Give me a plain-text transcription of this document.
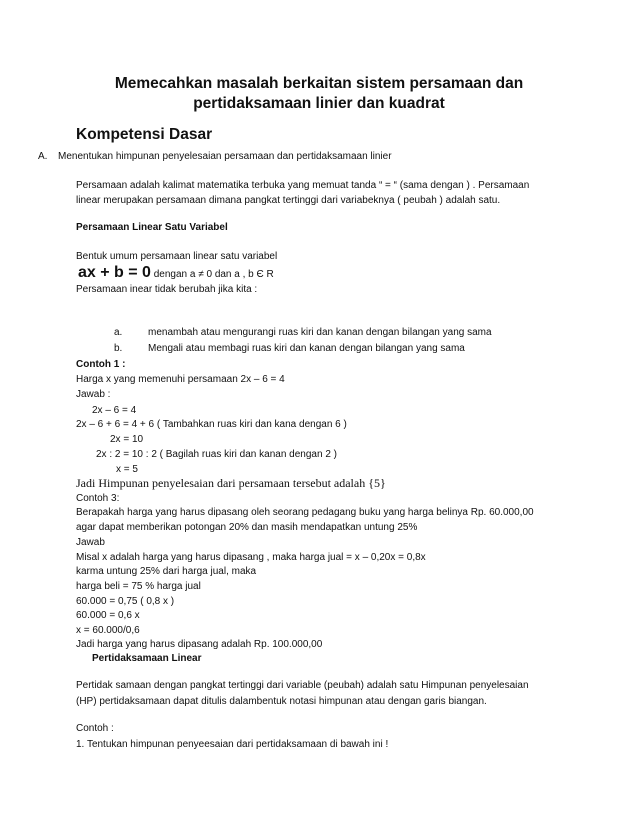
Memecahkan masalah berkaitan sistem persamaan dan
pertidaksamaan linier dan kuadrat
Kompetensi Dasar
A. Menentukan himpunan penyelesaian persamaan dan pertidaksamaan linier
Persamaan adalah kalimat matematika terbuka yang memuat tanda “ = “ (sama dengan ) . Persamaan
linear merupakan persamaan dimana pangkat tertinggi dari variabeknya ( peubah ) adalah satu.
Persamaan Linear Satu Variabel
Bentuk umum persamaan linear satu variabel
ax + b = 0 dengan a ≠ 0 dan a , b Є R
Persamaan inear tidak berubah jika kita :
a.	menambah atau mengurangi ruas kiri dan kanan dengan bilangan yang sama
b.	Mengali atau membagi ruas kiri dan kanan dengan bilangan yang sama
Contoh 1 :
Harga x yang memenuhi persamaan 2x – 6 = 4
Jawab :
2x – 6 = 4
2x – 6 + 6 = 4 + 6 ( Tambahkan ruas kiri dan kana dengan 6 )
2x = 10
2x : 2 = 10 : 2 ( Bagilah ruas kiri dan kanan dengan 2 )
x = 5
Jadi Himpunan penyelesaian dari persamaan tersebut adalah {5}
Contoh 3:
Berapakah harga yang harus dipasang oleh seorang pedagang buku yang harga belinya Rp. 60.000,00
agar dapat memberikan potongan 20% dan masih mendapatkan untung 25%
Jawab
Misal x adalah harga yang harus dipasang , maka harga jual = x – 0,20x = 0,8x
karma untung 25% dari harga jual, maka
harga beli = 75 % harga jual
60.000 = 0,75 ( 0,8 x )
60.000 = 0,6 x
x = 60.000/0,6
Jadi harga yang harus dipasang adalah Rp. 100.000,00
Pertidaksamaan Linear
Pertidak samaan dengan pangkat tertinggi dari variable (peubah) adalah satu Himpunan penyelesaian
(HP) pertidaksamaan dapat ditulis dalambentuk notasi himpunan atau dengan garis biangan.
Contoh :
1. Tentukan himpunan penyeesaian dari pertidaksamaan di bawah ini !
